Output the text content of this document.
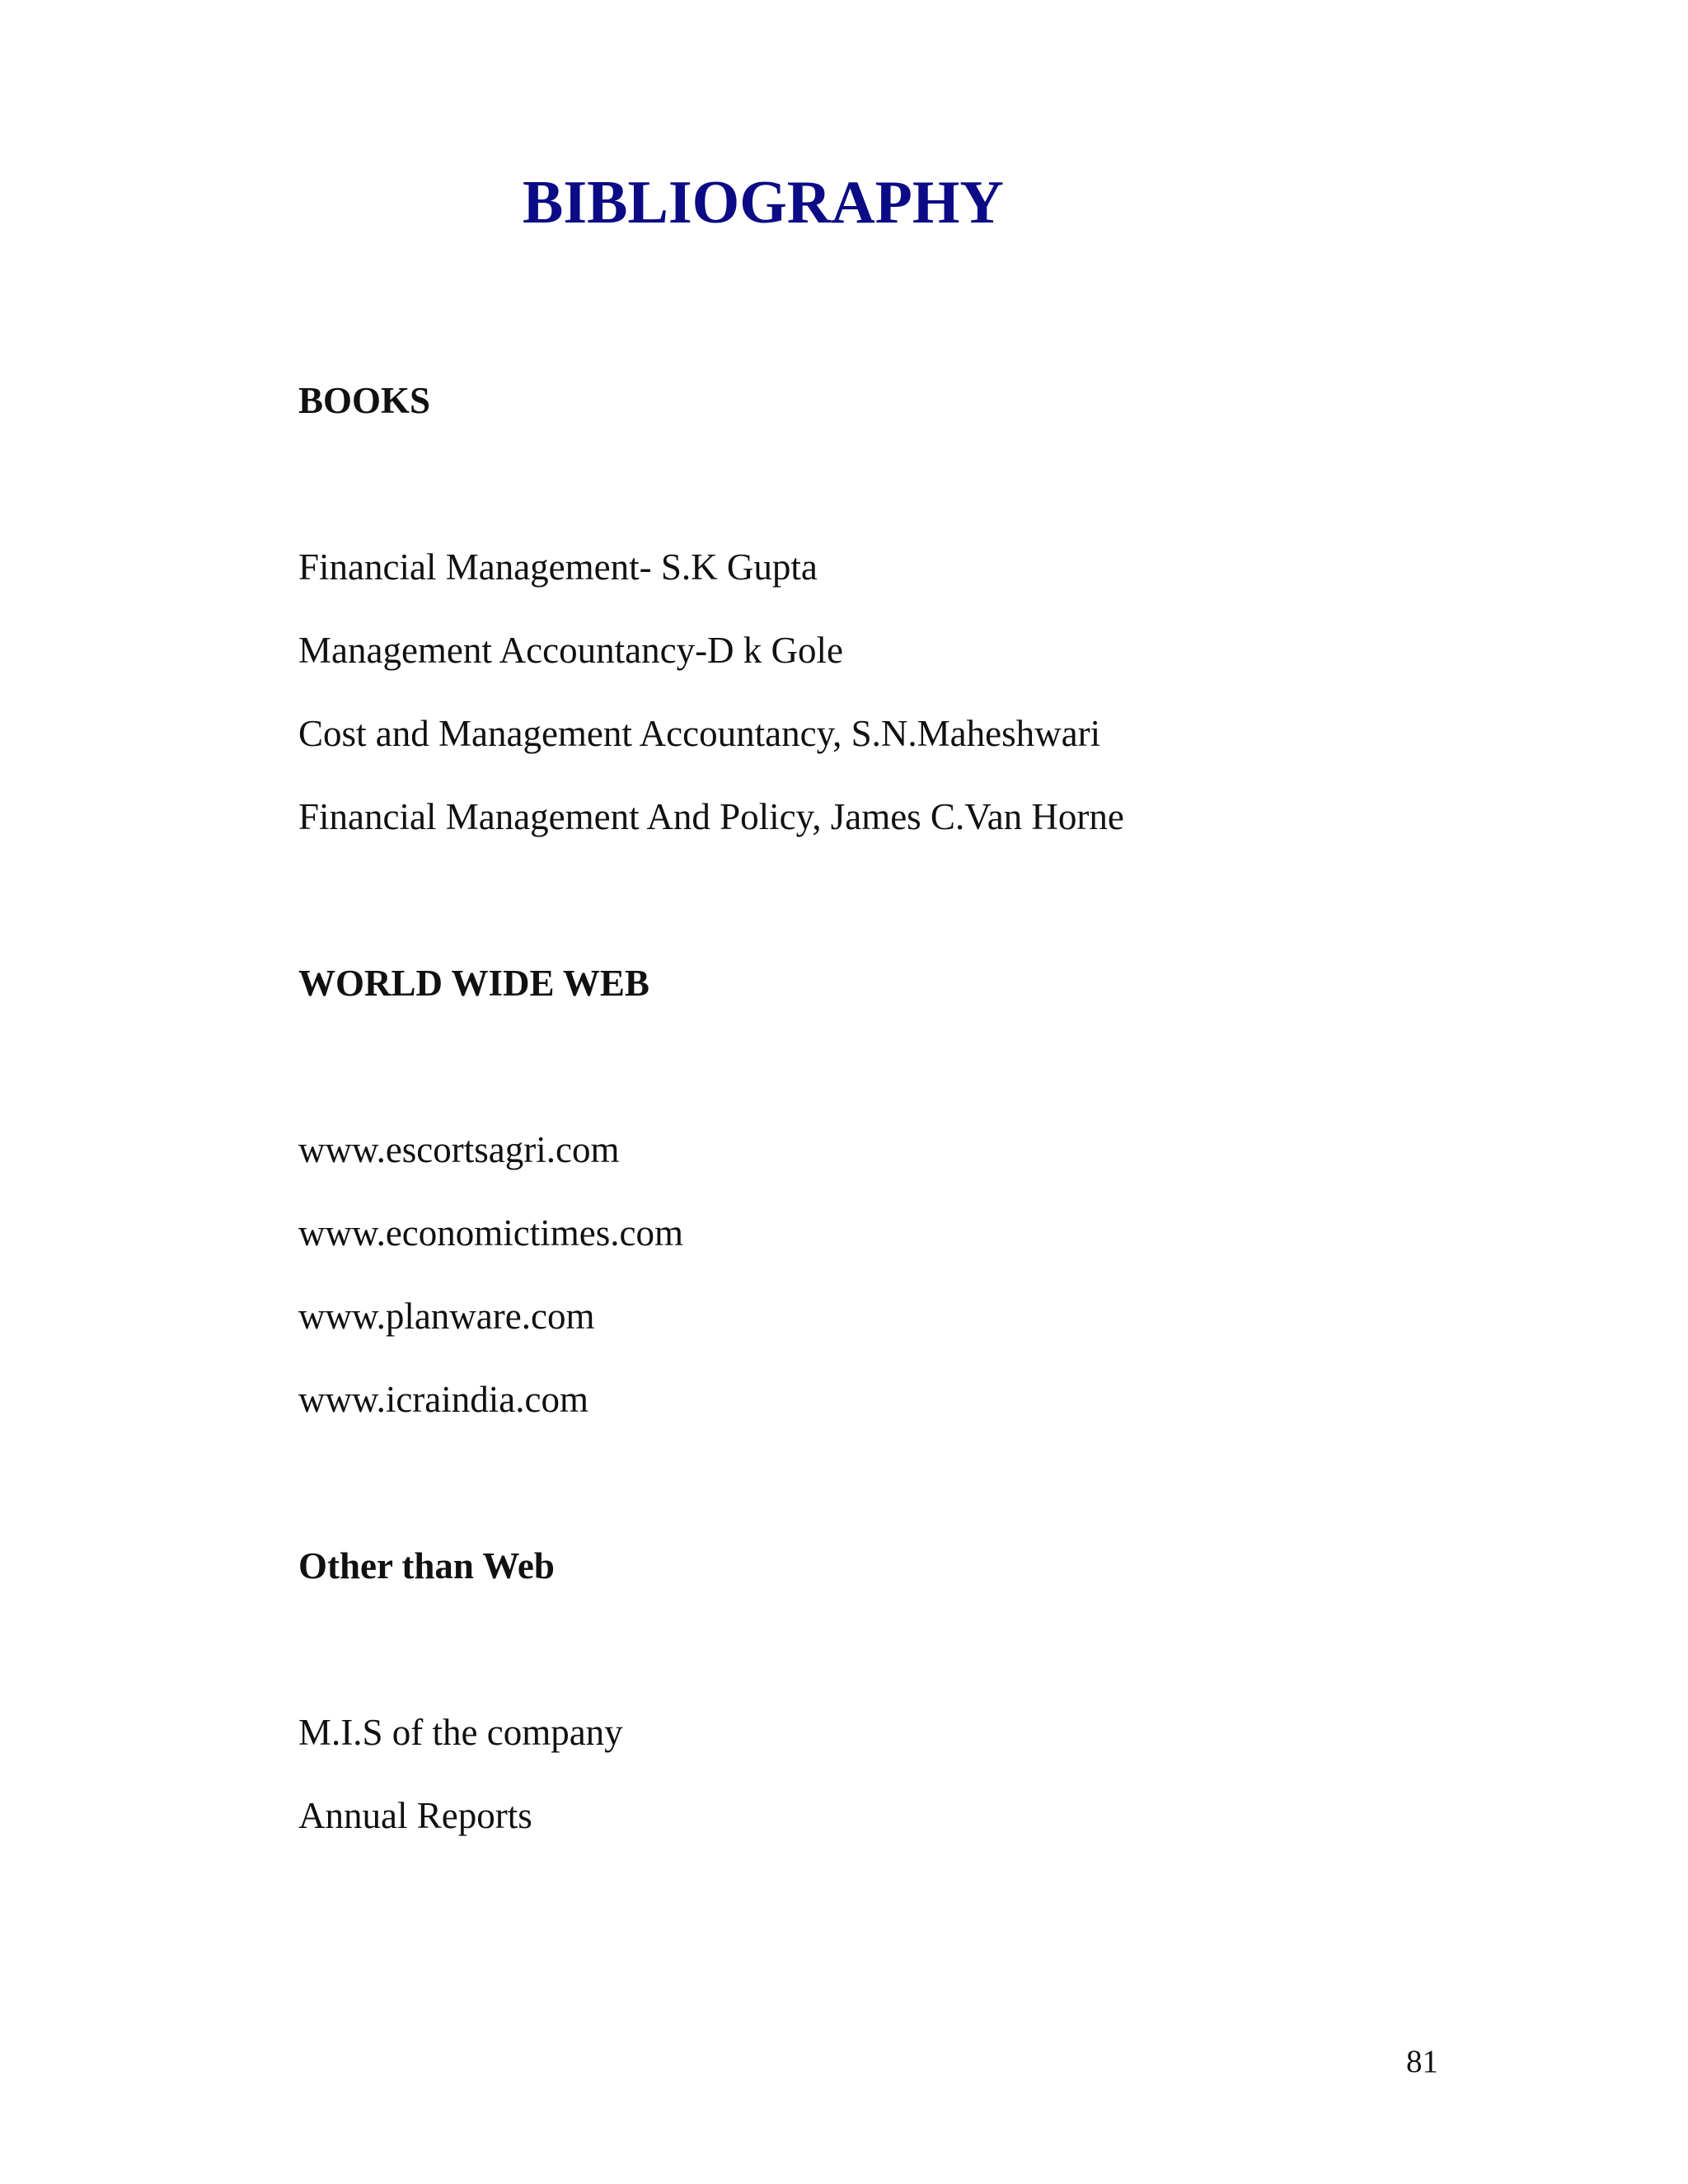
BIBLIOGRAPHY
BOOKS

Financial Management- S.K Gupta

Management Accountancy-D k Gole

Cost and Management Accountancy, S.N.Maheshwari

Financial Management And Policy, James C.Van Horne

WORLD WIDE WEB

www.escortsagri.com

www.economictimes.com

www.planware.com

www.icraindia.com

Other than Web

M.I.S of the company

Annual Reports

81
